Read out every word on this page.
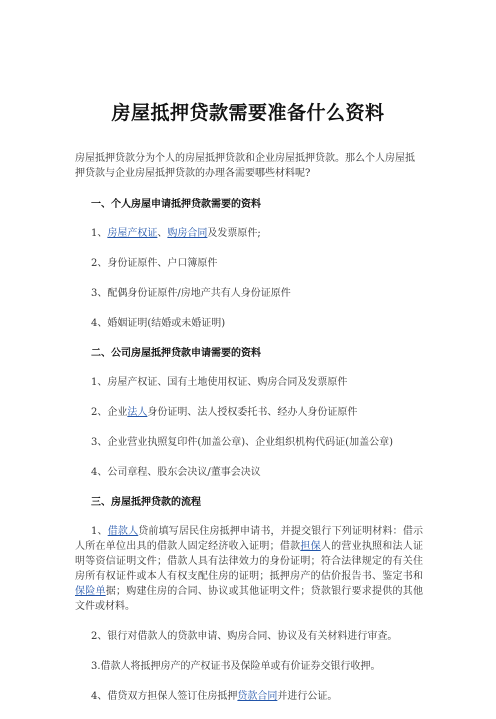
房屋抵押贷款需要准备什么资料

房屋抵押贷款分为个人的房屋抵押贷款和企业房屋抵押贷款。那么个人房屋抵押贷款与企业房屋抵押贷款的办理各需要哪些材料呢?

一、个人房屋申请抵押贷款需要的资料

1、房屋产权证、购房合同及发票原件;

2、身份证原件、户口簿原件

3、配偶身份证原件/房地产共有人身份证原件

4、婚姻证明(结婚或未婚证明)

二、公司房屋抵押贷款申请需要的资料

1、房屋产权证、国有土地使用权证、购房合同及发票原件

2、企业法人身份证明、法人授权委托书、经办人身份证原件

3、企业营业执照复印件(加盖公章)、企业组织机构代码证(加盖公章)

4、公司章程、股东会决议/董事会决议

三、房屋抵押贷款的流程

1、借款人贷前填写居民住房抵押申请书，并提交银行下列证明材料：借示人所在单位出具的借款人固定经济收入证明；借款担保人的营业执照和法人证明等资信证明文件；借款人具有法律效力的身份证明；符合法律规定的有关住房所有权证件或本人有权支配住房的证明；抵押房产的估价报告书、鉴定书和保险单据；购建住房的合同、协议或其他证明文件；贷款银行要求提供的其他文件或材料。

2、银行对借款人的贷款申请、购房合同、协议及有关材料进行审查。

3.借款人将抵押房产的产权证书及保险单或有价证券交银行收押。

4、借贷双方担保人签订住房抵押贷款合同并进行公证。
